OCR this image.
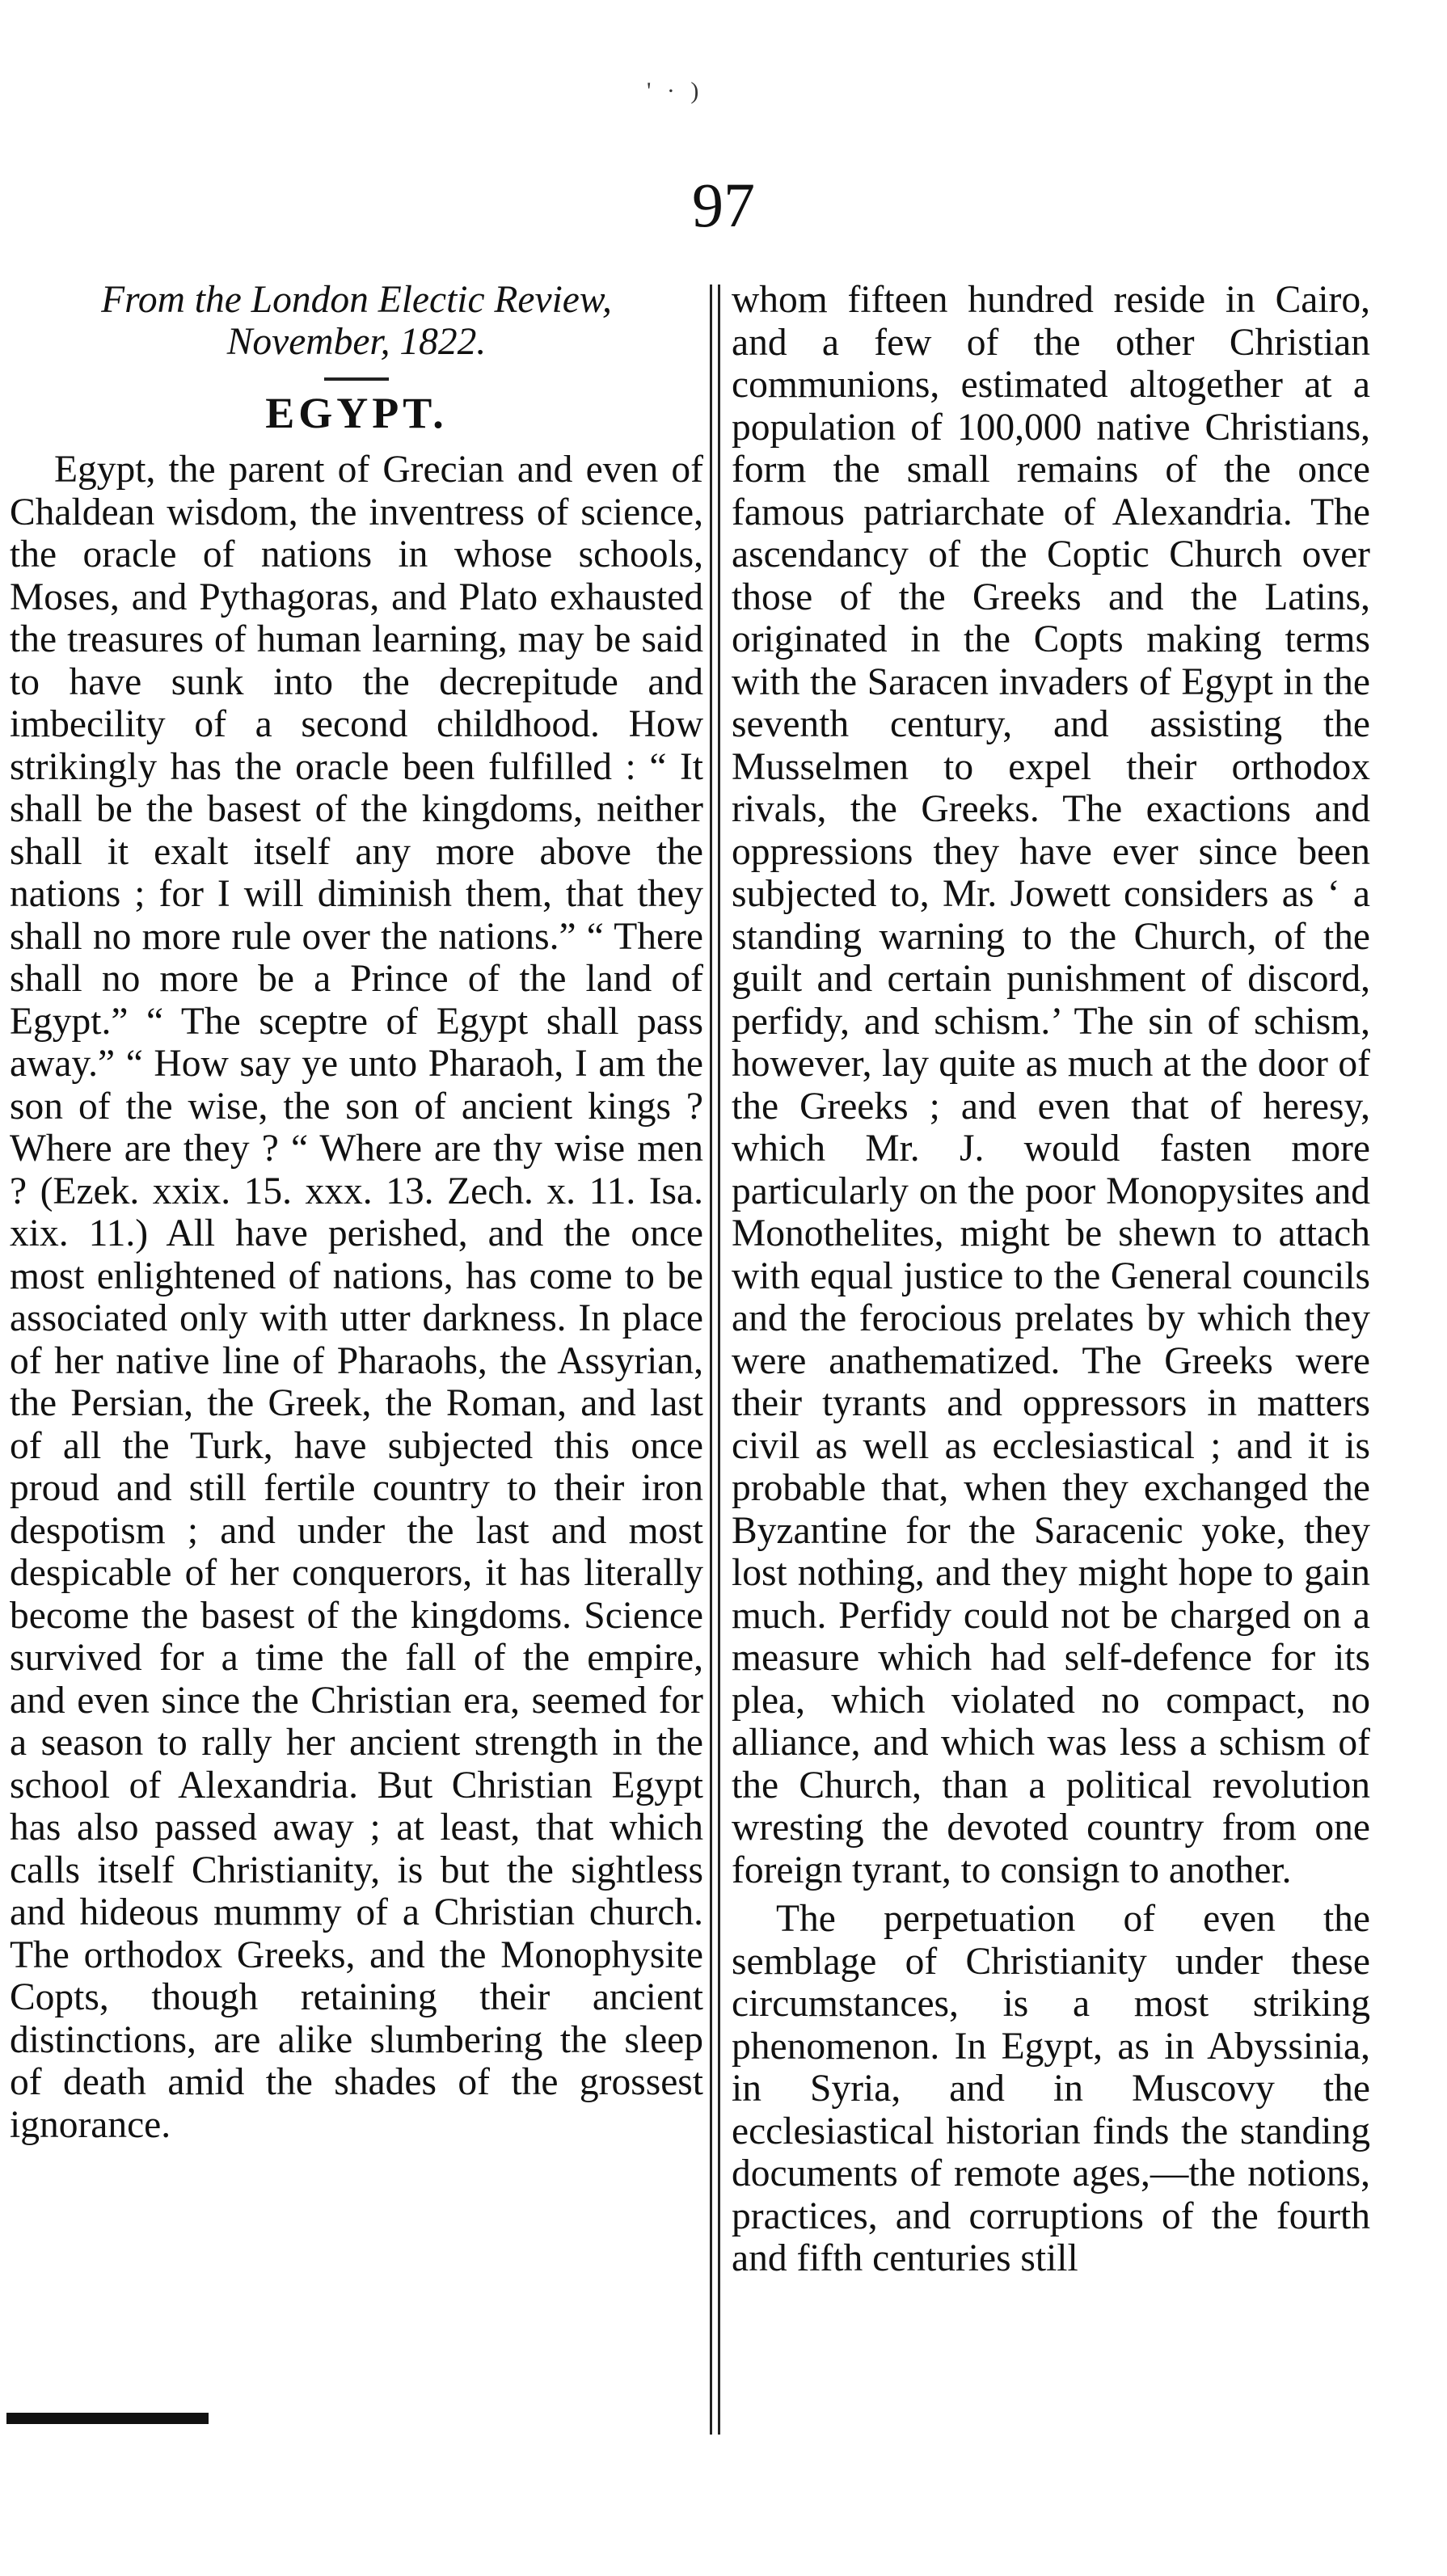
' · )
97

From the London Electic Review,

November, 1822.

EGYPT.

Egypt, the parent of Grecian and even of Chaldean wisdom, the inventress of science, the oracle of nations in whose schools, Moses, and Pythagoras, and Plato exhausted the treasures of human learning, may be said to have sunk into the decrepitude and imbecility of a second childhood. How strikingly has the oracle been fulfilled : “ It shall be the basest of the kingdoms, neither shall it exalt itself any more above the nations ; for I will diminish them, that they shall no more rule over the nations.” “ There shall no more be a Prince of the land of Egypt.” “ The sceptre of Egypt shall pass away.” “ How say ye unto Pharaoh, I am the son of the wise, the son of ancient kings ? Where are they ? “ Where are thy wise men ? (Ezek. xxix. 15. xxx. 13. Zech. x. 11. Isa. xix. 11.) All have perished, and the once most enlightened of nations, has come to be associated only with utter darkness. In place of her native line of Pharaohs, the Assyrian, the Persian, the Greek, the Roman, and last of all the Turk, have subjected this once proud and still fertile country to their iron despotism ; and under the last and most despicable of her conquerors, it has literally become the basest of the kingdoms. Science survived for a time the fall of the empire, and even since the Christian era, seemed for a season to rally her ancient strength in the school of Alexandria. But Christian Egypt has also passed away ; at least, that which calls itself Christianity, is but the sightless and hideous mummy of a Christian church. The orthodox Greeks, and the Monophysite Copts, though retaining their ancient distinctions, are alike slumbering the sleep of death amid the shades of the grossest ignorance.

whom fifteen hundred reside in Cairo, and a few of the other Christian communions, estimated altogether at a population of 100,000 native Christians, form the small remains of the once famous patriarchate of Alexandria. The ascendancy of the Coptic Church over those of the Greeks and the Latins, originated in the Copts making terms with the Saracen invaders of Egypt in the seventh century, and assisting the Musselmen to expel their orthodox rivals, the Greeks. The exactions and oppressions they have ever since been subjected to, Mr. Jowett considers as ‘ a standing warning to the Church, of the guilt and certain punishment of discord, perfidy, and schism.’ The sin of schism, however, lay quite as much at the door of the Greeks ; and even that of heresy, which Mr. J. would fasten more particularly on the poor Monopysites and Monothelites, might be shewn to attach with equal justice to the General councils and the ferocious prelates by which they were anathematized. The Greeks were their tyrants and oppressors in matters civil as well as ecclesiastical ; and it is probable that, when they exchanged the Byzantine for the Saracenic yoke, they lost nothing, and they might hope to gain much. Perfidy could not be charged on a measure which had self-defence for its plea, which violated no compact, no alliance, and which was less a schism of the Church, than a political revolution wresting the devoted country from one foreign tyrant, to consign to another.

The perpetuation of even the semblage of Christianity under these circumstances, is a most striking phenomenon. In Egypt, as in Abyssinia, in Syria, and in Muscovy the ecclesiastical historian finds the standing documents of remote ages,—the notions, practices, and corruptions of the fourth and fifth centuries still
